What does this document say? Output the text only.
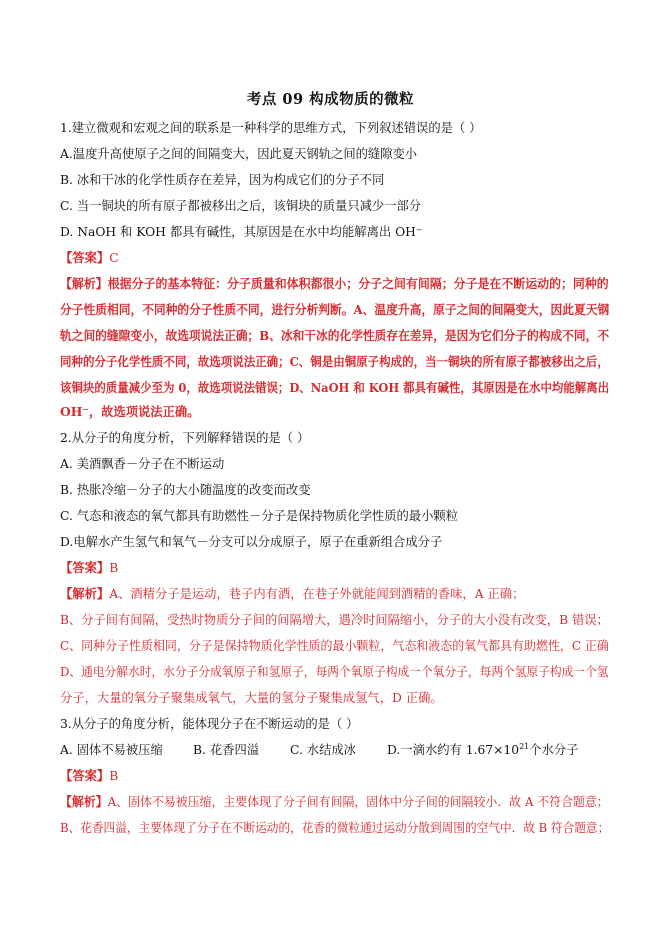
考点 09 构成物质的微粒
1.建立微观和宏观之间的联系是一种科学的思维方式，下列叙述错误的是（ ）
A.温度升高使原子之间的间隔变大，因此夏天钢轨之间的缝隙变小
B. 冰和干冰的化学性质存在差异，因为构成它们的分子不同
C. 当一铜块的所有原子都被移出之后，该铜块的质量只减少一部分
D. NaOH 和 KOH 都具有碱性，其原因是在水中均能解离出 OH⁻
【答案】C
【解析】根据分子的基本特征：分子质量和体积都很小；分子之间有间隔；分子是在不断运动的；同种的
分子性质相同，不同种的分子性质不同，进行分析判断。A、温度升高，原子之间的间隔变大，因此夏天钢
轨之间的缝隙变小，故选项说法正确；B、冰和干冰的化学性质存在差异，是因为它们分子的构成不同，不
同种的分子化学性质不同，故选项说法正确；C、铜是由铜原子构成的，当一铜块的所有原子都被移出之后，
该铜块的质量减少至为 0，故选项说法错误；D、NaOH 和 KOH 都具有碱性，其原因是在水中均能解离出
OH⁻，故选项说法正确。
2.从分子的角度分析，下列解释错误的是（ ）
A. 美酒飘香－分子在不断运动
B. 热胀冷缩－分子的大小随温度的改变而改变
C. 气态和液态的氧气都具有助燃性－分子是保持物质化学性质的最小颗粒
D.电解水产生氢气和氧气－分支可以分成原子，原子在重新组合成分子
【答案】B
【解析】A、酒精分子是运动，巷子内有酒，在巷子外就能闻到酒精的香味，A 正确；
B、分子间有间隔，受热时物质分子间的间隔增大，遇冷时间隔缩小，分子的大小没有改变，B 错误；
C、同种分子性质相同，分子是保持物质化学性质的最小颗粒，气态和液态的氧气都具有助燃性，C 正确
D、通电分解水时，水分子分成氧原子和氢原子，每两个氧原子构成一个氧分子，每两个氢原子构成一个氢
分子，大量的氧分子聚集成氧气，大量的氢分子聚集成氢气，D 正确。
3.从分子的角度分析，能体现分子在不断运动的是（ ）
A. 固体不易被压缩 B. 花香四溢	C. 水结成冰	D.一滴水约有 $1.67\times 10^{21}$个水分子
【答案】B
【解析】A、固体不易被压缩，主要体现了分子间有间隔，固体中分子间的间隔较小．故 A 不符合题意；
B、花香四溢，主要体现了分子在不断运动的，花香的微粒通过运动分散到周围的空气中．故 B 符合题意；
